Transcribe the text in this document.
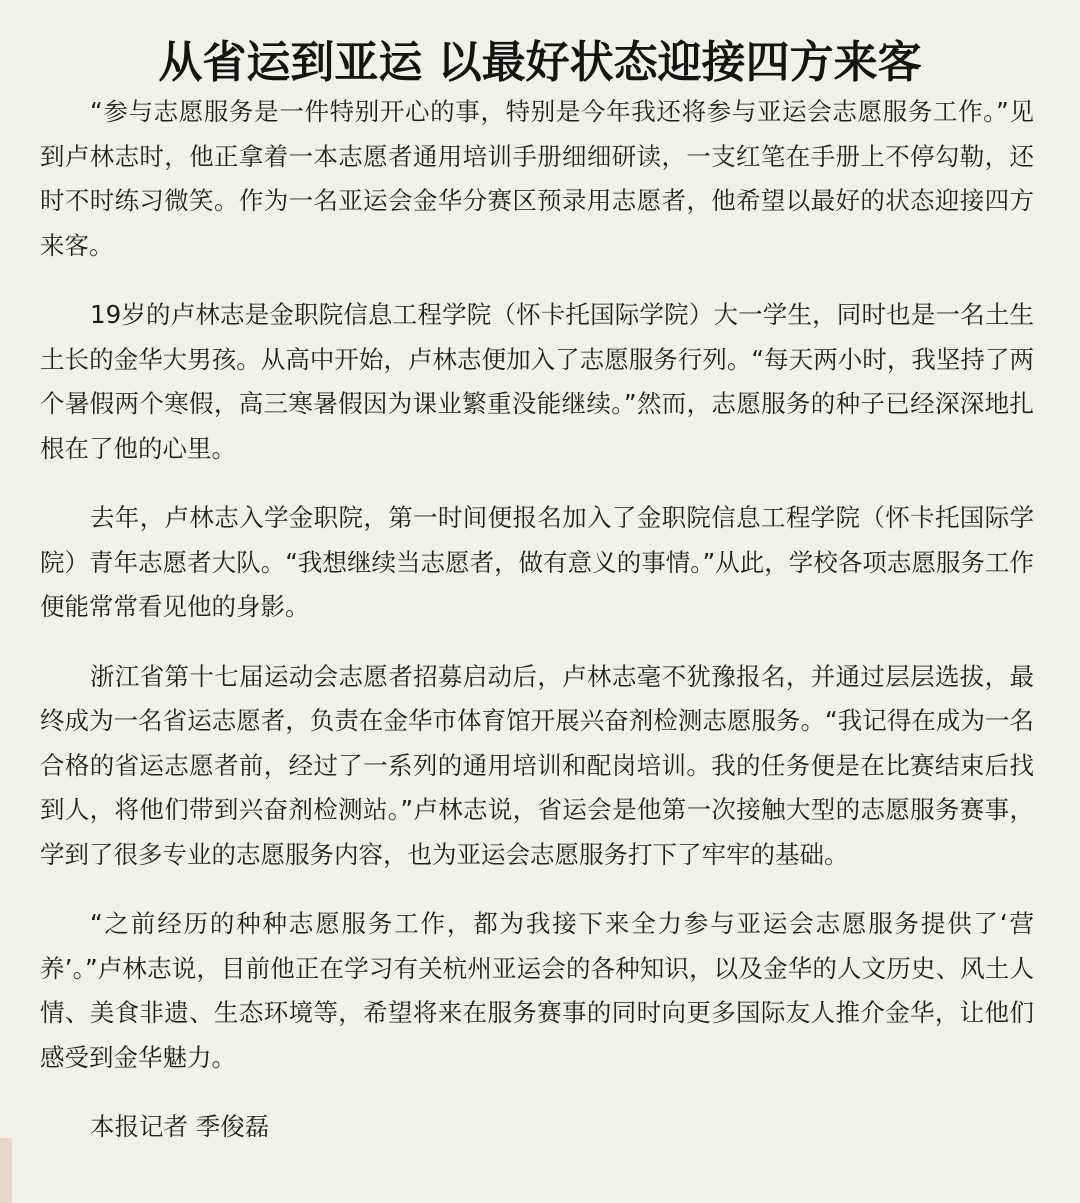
从省运到亚运 以最好状态迎接四方来客

“参与志愿服务是一件特别开心的事，特别是今年我还将参与亚运会志愿服务工作。”见到卢林志时，他正拿着一本志愿者通用培训手册细细研读，一支红笔在手册上不停勾勒，还时不时练习微笑。作为一名亚运会金华分赛区预录用志愿者，他希望以最好的状态迎接四方来客。

19岁的卢林志是金职院信息工程学院（怀卡托国际学院）大一学生，同时也是一名土生土长的金华大男孩。从高中开始，卢林志便加入了志愿服务行列。“每天两小时，我坚持了两个暑假两个寒假，高三寒暑假因为课业繁重没能继续。”然而，志愿服务的种子已经深深地扎根在了他的心里。

去年，卢林志入学金职院，第一时间便报名加入了金职院信息工程学院（怀卡托国际学院）青年志愿者大队。“我想继续当志愿者，做有意义的事情。”从此，学校各项志愿服务工作便能常常看见他的身影。

浙江省第十七届运动会志愿者招募启动后，卢林志毫不犹豫报名，并通过层层选拔，最终成为一名省运志愿者，负责在金华市体育馆开展兴奋剂检测志愿服务。“我记得在成为一名合格的省运志愿者前，经过了一系列的通用培训和配岗培训。我的任务便是在比赛结束后找到人，将他们带到兴奋剂检测站。”卢林志说，省运会是他第一次接触大型的志愿服务赛事，学到了很多专业的志愿服务内容，也为亚运会志愿服务打下了牢牢的基础。

“之前经历的种种志愿服务工作，都为我接下来全力参与亚运会志愿服务提供了‘营养’。”卢林志说，目前他正在学习有关杭州亚运会的各种知识，以及金华的人文历史、风土人情、美食非遗、生态环境等，希望将来在服务赛事的同时向更多国际友人推介金华，让他们感受到金华魅力。

本报记者 季俊磊
